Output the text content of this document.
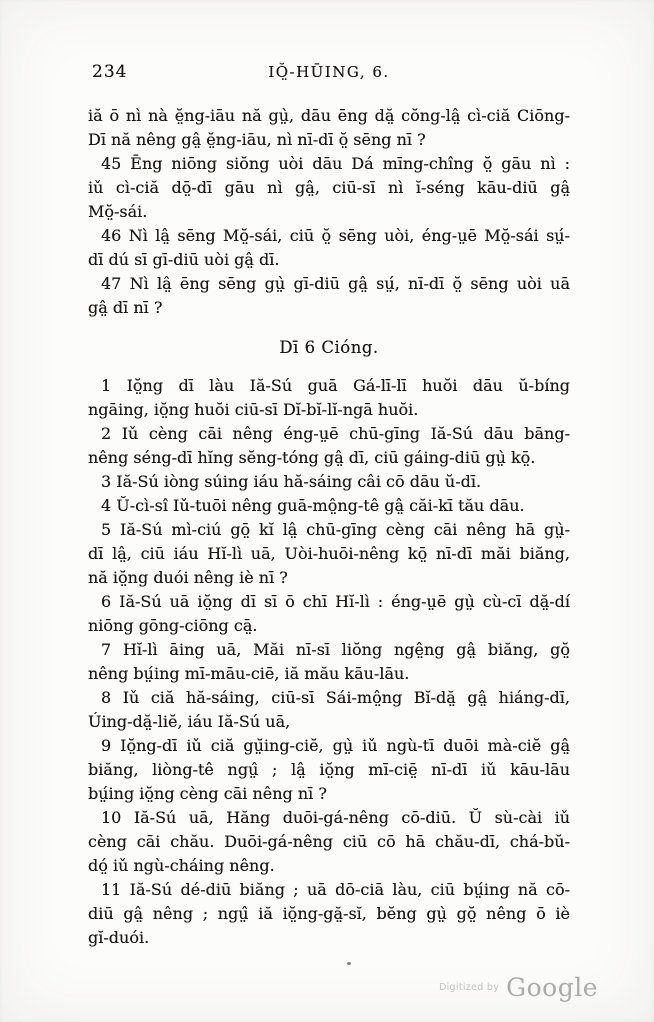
234	IŎ̤-HŪING, 6.
iă ō nì nà ĕ̤ng-iāu nă gṳ̀, dāu ēng dă̤ cŏng-lâ̤ cì-ciă Ciōng-
Dī nă nêng gâ̤ ĕ̤ng-iāu, nì nī-dī ŏ̤ sēng nī ?
45 Ēng niōng siŏng uòi dāu Dá mīng-chîng ŏ̤ gāu nì :
iǔ cì-ciă dō̤-dī gāu nì gâ̤, ciū-sī nì ĭ-séng kāu-diū gâ̤
Mŏ̤-sái.
46 Nì lâ̤ sēng Mŏ̤-sái, ciū ŏ̤ sēng uòi, éng-ṳē Mŏ̤-sái sṳ́-
dī dú sī gī-diū uòi gâ̤ dī.
47 Nì lâ̤ ēng sēng gṳ̀ gī-diū gâ̤ sṳ́, nī-dī ŏ̤ sēng uòi uā
gâ̤ dī nī ?
Dī 6 Cióng.
1 Iŏ̤ng dī làu Iă-Sú guā Gá-lī-lī huŏi dāu ŭ-bíng
ngāing, iŏ̤ng huŏi ciū-sī Dĭ-bĭ-lĭ-ngā huŏi.
2 Iǔ cèng cāi nêng éng-ṳē chū-gīng Iă-Sú dāu bāng-
nêng séng-dī hĭng sĕng-tóng gâ̤ dī, ciū gáing-diū gṳ̀ kō̤.
3 Iă-Sú iòng súing iáu hă-sáing câi cō dāu ŭ-dī.
4 Ŭ-cì-sî Iǔ-tuōi nêng guā-mô̤ng-tê gâ̤ căi-kī tău dāu.
5 Iă-Sú mì-ciú gō̤ kĭ lâ̤ chū-gīng cèng cāi nêng hā gṳ̀-
dī lâ̤, ciū iáu Hĭ-lì uā, Uòi-huōi-nêng kō̤ nī-dī măi biăng,
nă iŏ̤ng duói nêng iè nī ?
6 Iă-Sú uā iŏ̤ng dī sī ō chī Hĭ-lì : éng-ṳē gṳ̀ cù-cī dă̤-dí
niōng gōng-ciōng cā̤.
7 Hĭ-lì āing uā, Măi nī-sī liŏng ngê̤ng gâ̤ biăng, gŏ̤
nêng bṳ́ing mī-māu-ciē, iă mău kāu-lāu.
8 Iǔ ciă hă-sáing, ciū-sī Sái-mô̤ng Bĭ-dă̤ gâ̤ hiáng-dī,
Úing-dă̤-liĕ, iáu Iă-Sú uā,
9 Iŏ̤ng-dī iǔ ciă gṳ̆ing-ciĕ, gṳ̀ iǔ ngù-tī duōi mà-ciĕ gâ̤
biăng, liòng-tê ngṳ̂ ; lâ̤ iŏ̤ng mī-ciē̤ nī-dī iǔ kāu-lāu
bṳ́ing iŏ̤ng cèng cāi nêng nī ?
10 Iă-Sú uā, Hăng duōi-gá-nêng cō-diū. Ŭ sù-cài iǔ
cèng cāi chău. Duōi-gá-nêng ciū cō hā chău-dī, chá-bŭ-
dó̤ iǔ ngù-cháing nêng.
11 Iă-Sú dé-diū biăng ; uā dō-ciā làu, ciū bṳ́ing nă cō-
diū gâ̤ nêng ; ngṳ̂ iă iŏ̤ng-gă̤-sĭ, bĕng gṳ̀ gŏ̤ nêng ō iè
gĭ-duói.
Digitized by Google
